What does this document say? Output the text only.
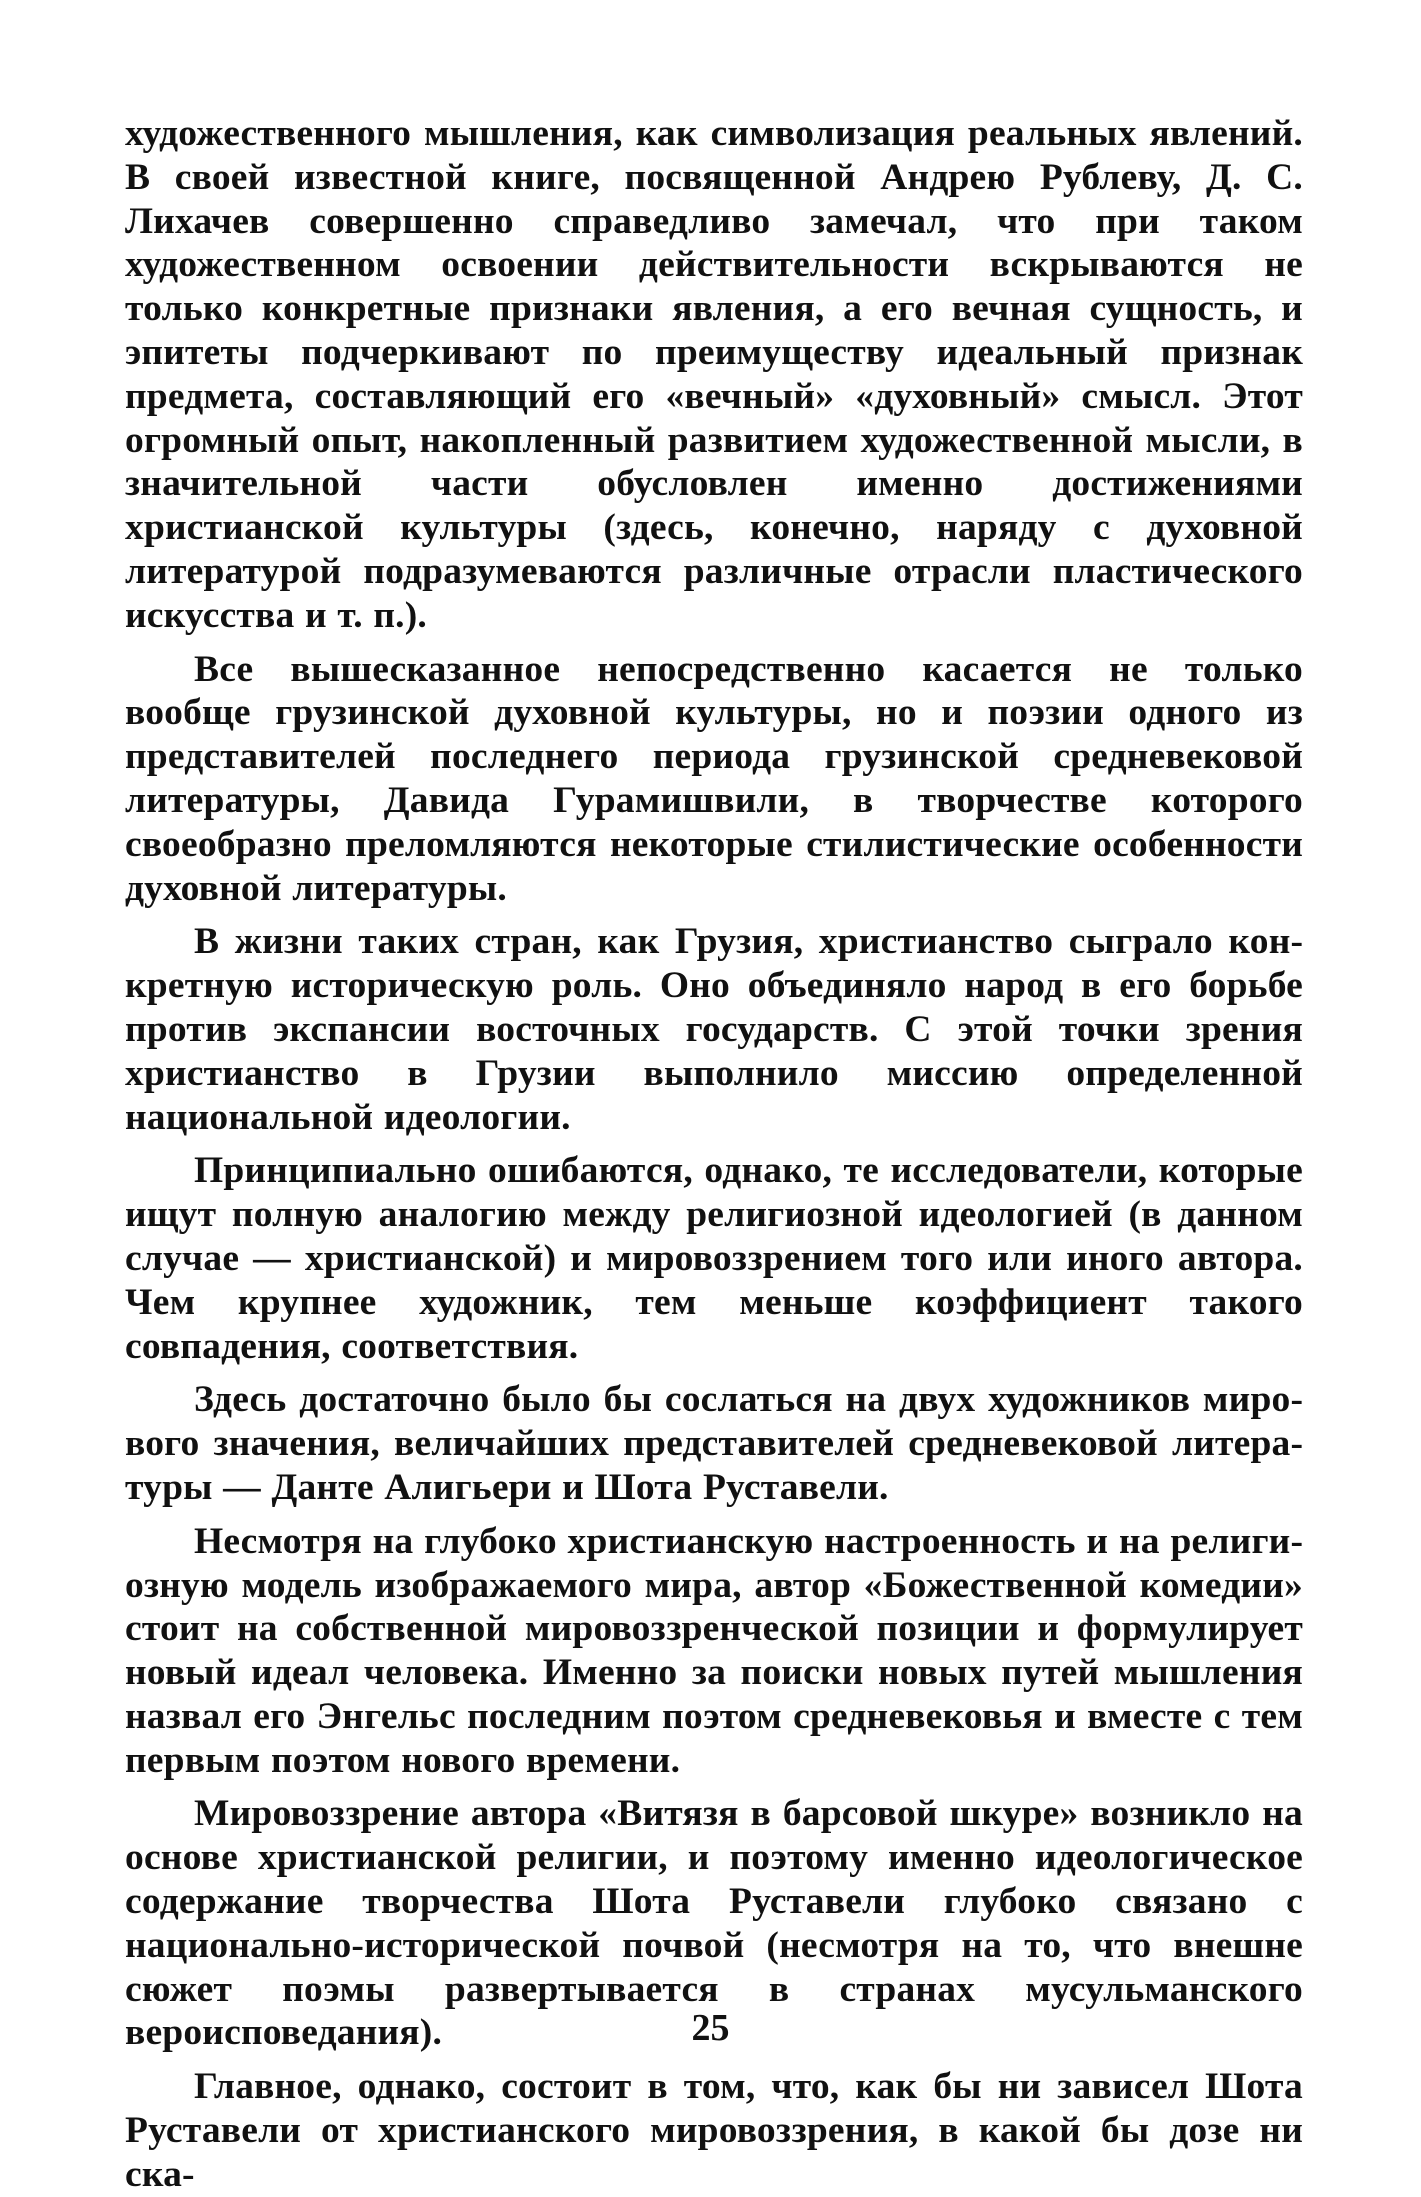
художественного мышления, как символизация реальных явлений. В своей известной книге, посвященной Андрею Рублеву, Д. С. Лихачев совершенно справедливо замечал, что при таком художественном освоении действительности вскрываются не только конкретные признаки явления, а его вечная сущность, и эпитеты подчеркивают по преимуществу идеальный признак предмета, составляющий его «вечный» «духовный» смысл. Этот огромный опыт, накопленный развитием художественной мысли, в значительной части обусловлен именно достижениями христианской культуры (здесь, конечно, наряду с духовной литературой подразумеваются различные отрасли пластического искусства и т. п.).

Все вышесказанное непосредственно касается не только вообще грузинской духовной культуры, но и поэзии одного из представителей последнего периода грузинской средневековой литературы, Давида Гурамишвили, в творчестве которого своеобразно преломляются некоторые стилистические особенности духовной литературы.

В жизни таких стран, как Грузия, христианство сыграло конкретную историческую роль. Оно объединяло народ в его борьбе против экспансии восточных государств. С этой точки зрения христианство в Грузии выполнило миссию определенной национальной идеологии.

Принципиально ошибаются, однако, те исследователи, которые ищут полную аналогию между религиозной идеологией (в данном случае — христианской) и мировоззрением того или иного автора. Чем крупнее художник, тем меньше коэффициент такого совпадения, соответствия.

Здесь достаточно было бы сослаться на двух художников мирового значения, величайших представителей средневековой литературы — Данте Алигьери и Шота Руставели.

Несмотря на глубоко христианскую настроенность и на религиозную модель изображаемого мира, автор «Божественной комедии» стоит на собственной мировоззренческой позиции и формулирует новый идеал человека. Именно за поиски новых путей мышления назвал его Энгельс последним поэтом средневековья и вместе с тем первым поэтом нового времени.

Мировоззрение автора «Витязя в барсовой шкуре» возникло на основе христианской религии, и поэтому именно идеологическое содержание творчества Шота Руставели глубоко связано с национально-исторической почвой (несмотря на то, что внешне сюжет поэмы развертывается в странах мусульманского вероисповедания).

Главное, однако, состоит в том, что, как бы ни зависел Шота Руставели от христианского мировоззрения, в какой бы дозе ни ска-

25
